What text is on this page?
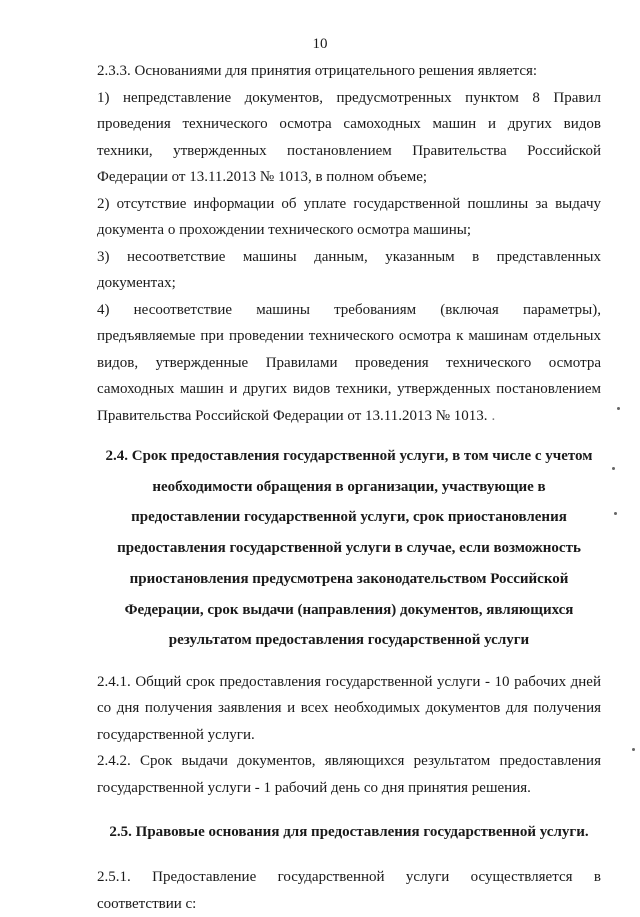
10

2.3.3. Основаниями для принятия отрицательного решения является:

1) непредставление документов, предусмотренных пунктом 8 Правил проведения технического осмотра самоходных машин и других видов техники, утвержденных постановлением Правительства Российской Федерации от 13.11.2013 № 1013, в полном объеме;

2) отсутствие информации об уплате государственной пошлины за выдачу документа о прохождении технического осмотра машины;

3) несоответствие машины данным, указанным в представленных документах;

4) несоответствие машины требованиям (включая параметры), предъявляемые при проведении технического осмотра к машинам отдельных видов, утвержденные Правилами проведения технического осмотра самоходных машин и других видов техники, утвержденных постановлением Правительства Российской Федерации от 13.11.2013 № 1013. .

2.4. Срок предоставления государственной услуги, в том числе с учетом необходимости обращения в организации, участвующие в предоставлении государственной услуги, срок приостановления предоставления государственной услуги в случае, если возможность приостановления предусмотрена законодательством Российской Федерации, срок выдачи (направления) документов, являющихся результатом предоставления государственной услуги

2.4.1. Общий срок предоставления государственной услуги - 10 рабочих дней со дня получения заявления и всех необходимых документов для получения государственной услуги.

2.4.2. Срок выдачи документов, являющихся результатом предоставления государственной услуги - 1 рабочий день со дня принятия решения.

2.5. Правовые основания для предоставления государственной услуги.

2.5.1. Предоставление государственной услуги осуществляется в соответствии с:
